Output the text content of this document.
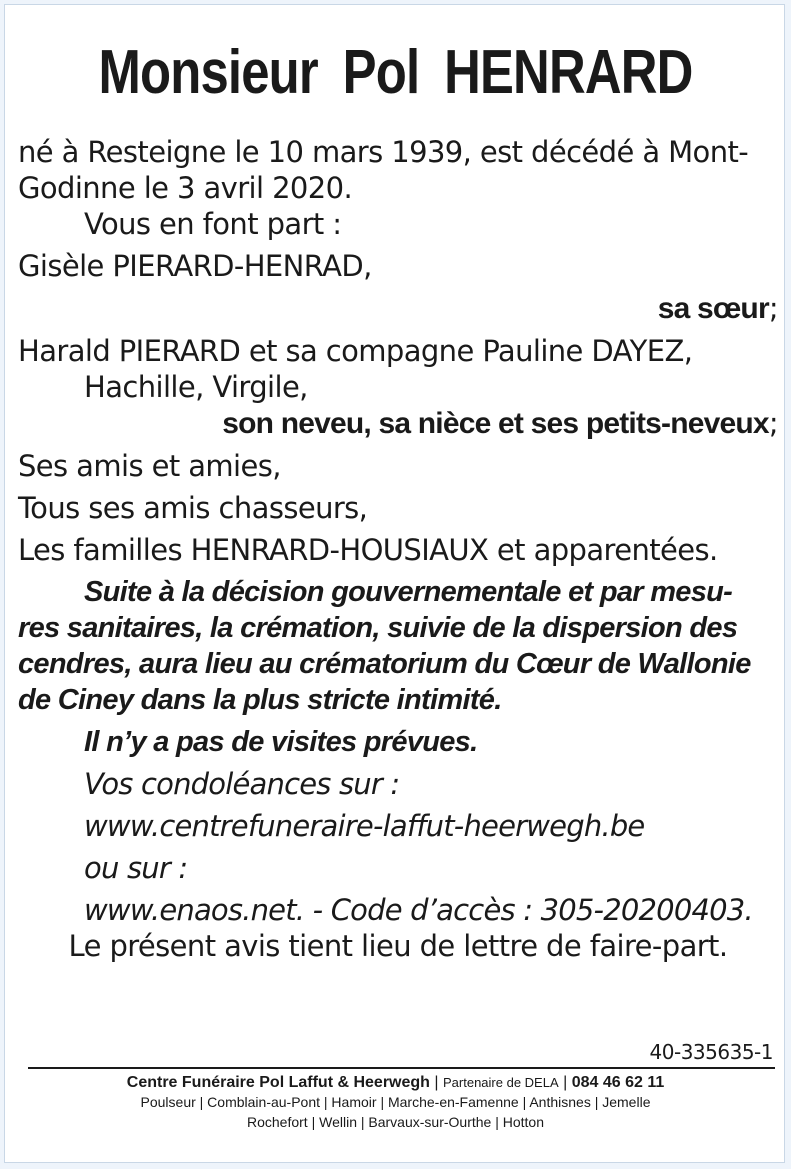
Monsieur Pol HENRARD
né à Resteigne le 10 mars 1939, est décédé à Mont-
Godinne le 3 avril 2020.
Vous en font part :
Gisèle PIERARD-HENRAD,
sa sœur;
Harald PIERARD et sa compagne Pauline DAYEZ,
Hachille, Virgile,
son neveu, sa nièce et ses petits-neveux;
Ses amis et amies,
Tous ses amis chasseurs,
Les familles HENRARD-HOUSIAUX et apparentées.
Suite à la décision gouvernementale et par mesu-
res sanitaires, la crémation, suivie de la dispersion des
cendres, aura lieu au crématorium du Cœur de Wallonie
de Ciney dans la plus stricte intimité.
Il n’y a pas de visites prévues.
Vos condoléances sur :
www.centrefuneraire-laffut-heerwegh.be
ou sur :
www.enaos.net. - Code d’accès : 305-20200403.
Le présent avis tient lieu de lettre de faire-part.
40-335635-1
Centre Funéraire Pol Laffut & Heerwegh | Partenaire de DELA | 084 46 62 11
Poulseur | Comblain-au-Pont | Hamoir | Marche-en-Famenne | Anthisnes | Jemelle
Rochefort | Wellin | Barvaux-sur-Ourthe | Hotton
